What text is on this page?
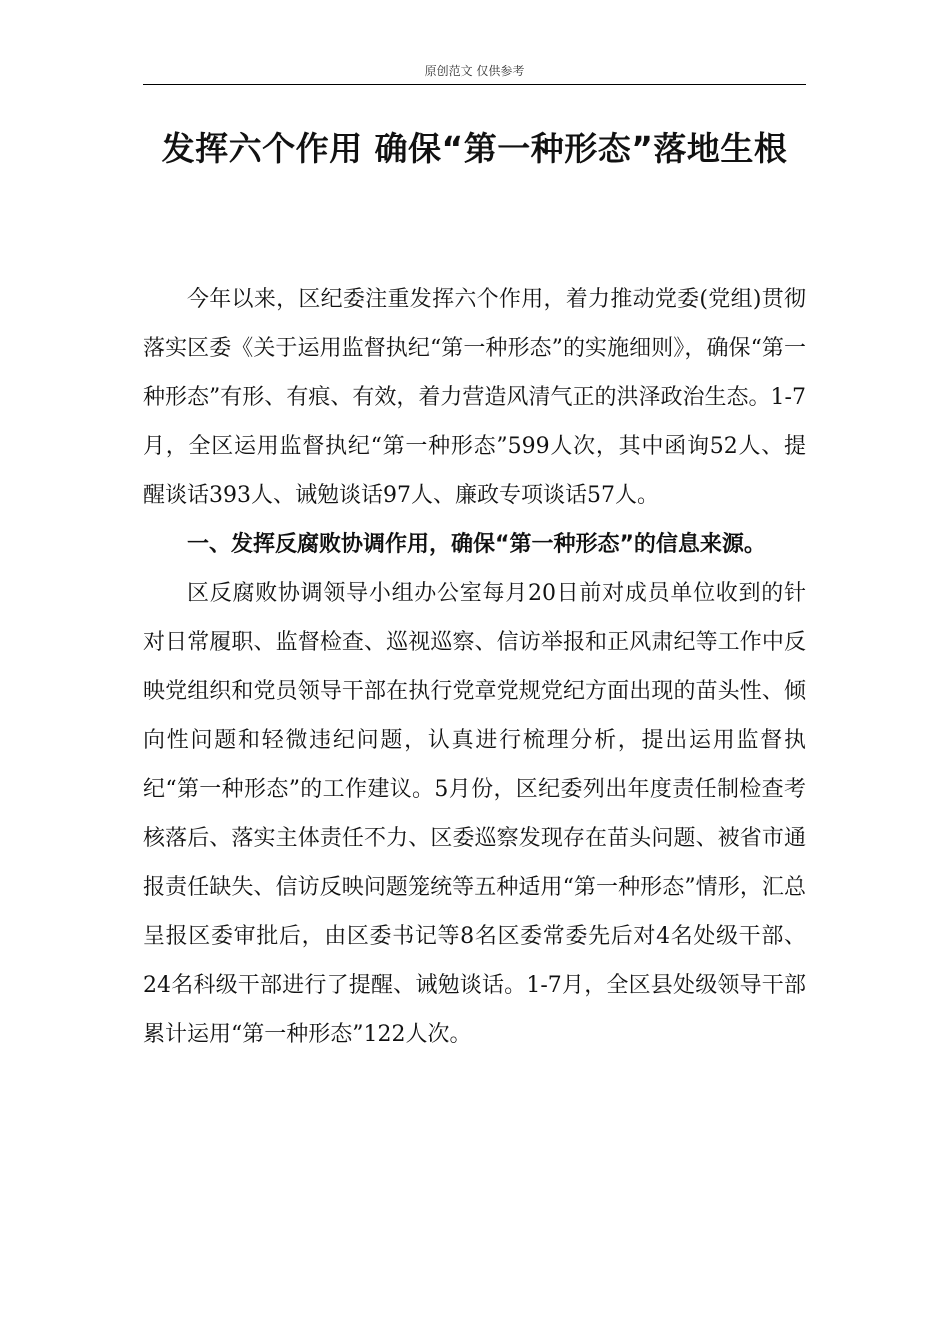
原创范文 仅供参考
发挥六个作用 确保“第一种形态”落地生根

今年以来，区纪委注重发挥六个作用，着力推动党委(党组)贯彻落实区委《关于运用监督执纪“第一种形态”的实施细则》，确保“第一种形态”有形、有痕、有效，着力营造风清气正的洪泽政治生态。1-7月，全区运用监督执纪“第一种形态”599人次，其中函询52人、提醒谈话393人、诫勉谈话97人、廉政专项谈话57人。

一、发挥反腐败协调作用，确保“第一种形态”的信息来源。

区反腐败协调领导小组办公室每月20日前对成员单位收到的针对日常履职、监督检查、巡视巡察、信访举报和正风肃纪等工作中反映党组织和党员领导干部在执行党章党规党纪方面出现的苗头性、倾向性问题和轻微违纪问题，认真进行梳理分析，提出运用监督执纪“第一种形态”的工作建议。5月份，区纪委列出年度责任制检查考核落后、落实主体责任不力、区委巡察发现存在苗头问题、被省市通报责任缺失、信访反映问题笼统等五种适用“第一种形态”情形，汇总呈报区委审批后，由区委书记等8名区委常委先后对4名处级干部、24名科级干部进行了提醒、诫勉谈话。1-7月，全区县处级领导干部累计运用“第一种形态”122人次。
